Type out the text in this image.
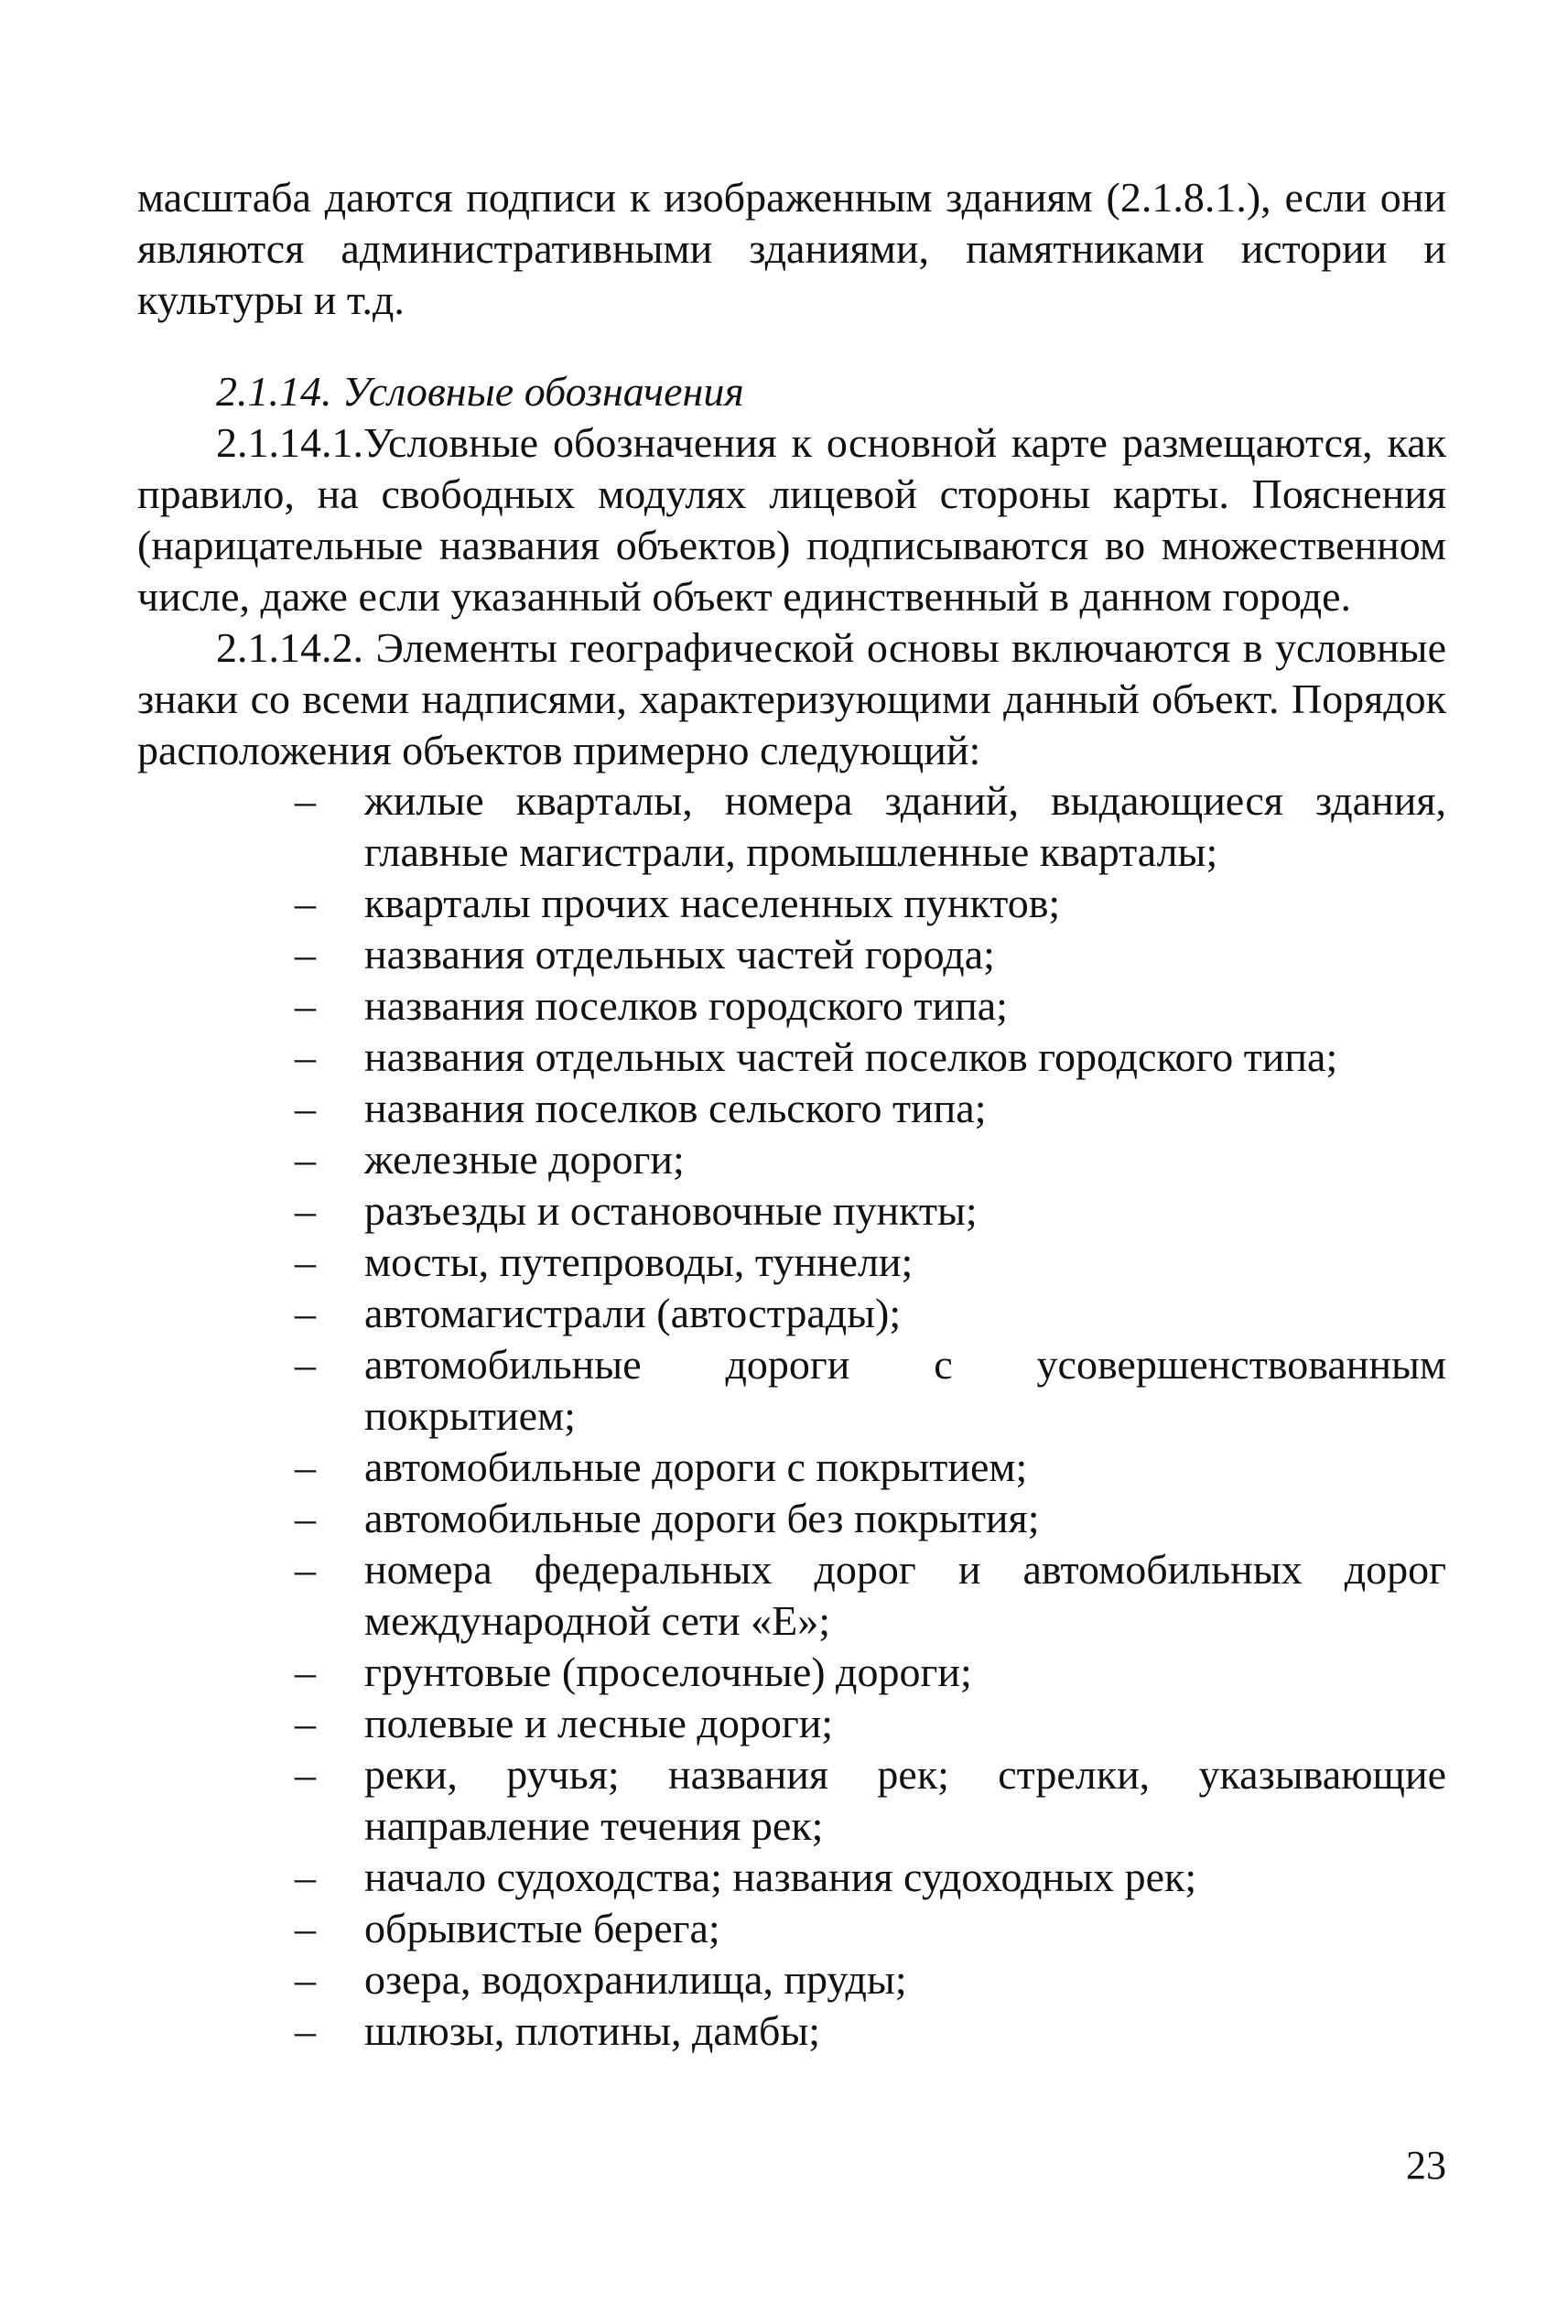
масштаба даются подписи к изображенным зданиям (2.1.8.1.), если они являются административными зданиями, памятниками истории и культуры и т.д.

2.1.14. Условные обозначения

2.1.14.1.Условные обозначения к основной карте размещаются, как правило, на свободных модулях лицевой стороны карты. Пояснения (нарицательные названия объектов) подписываются во множественном числе, даже если указанный объект единственный в данном городе.

2.1.14.2. Элементы географической основы включаются в условные знаки со всеми надписями, характеризующими данный объект. Порядок расположения объектов примерно следующий:

–	жилые кварталы, номера зданий, выдающиеся здания, главные магистрали, промышленные кварталы;
–	кварталы прочих населенных пунктов;
–	названия отдельных частей города;
–	названия поселков городского типа;
–	названия отдельных частей поселков городского типа;
–	названия поселков сельского типа;
–	железные дороги;
–	разъезды и остановочные пункты;
–	мосты, путепроводы, туннели;
–	автомагистрали (автострады);
–	автомобильные дороги с усовершенствованным покрытием;
–	автомобильные дороги с покрытием;
–	автомобильные дороги без покрытия;
–	номера федеральных дорог и автомобильных дорог международной сети «Е»;
–	грунтовые (проселочные) дороги;
–	полевые и лесные дороги;
–	реки, ручья; названия рек; стрелки, указывающие направление течения рек;
–	начало судоходства; названия судоходных рек;
–	обрывистые берега;
–	озера, водохранилища, пруды;
–	шлюзы, плотины, дамбы;
23
